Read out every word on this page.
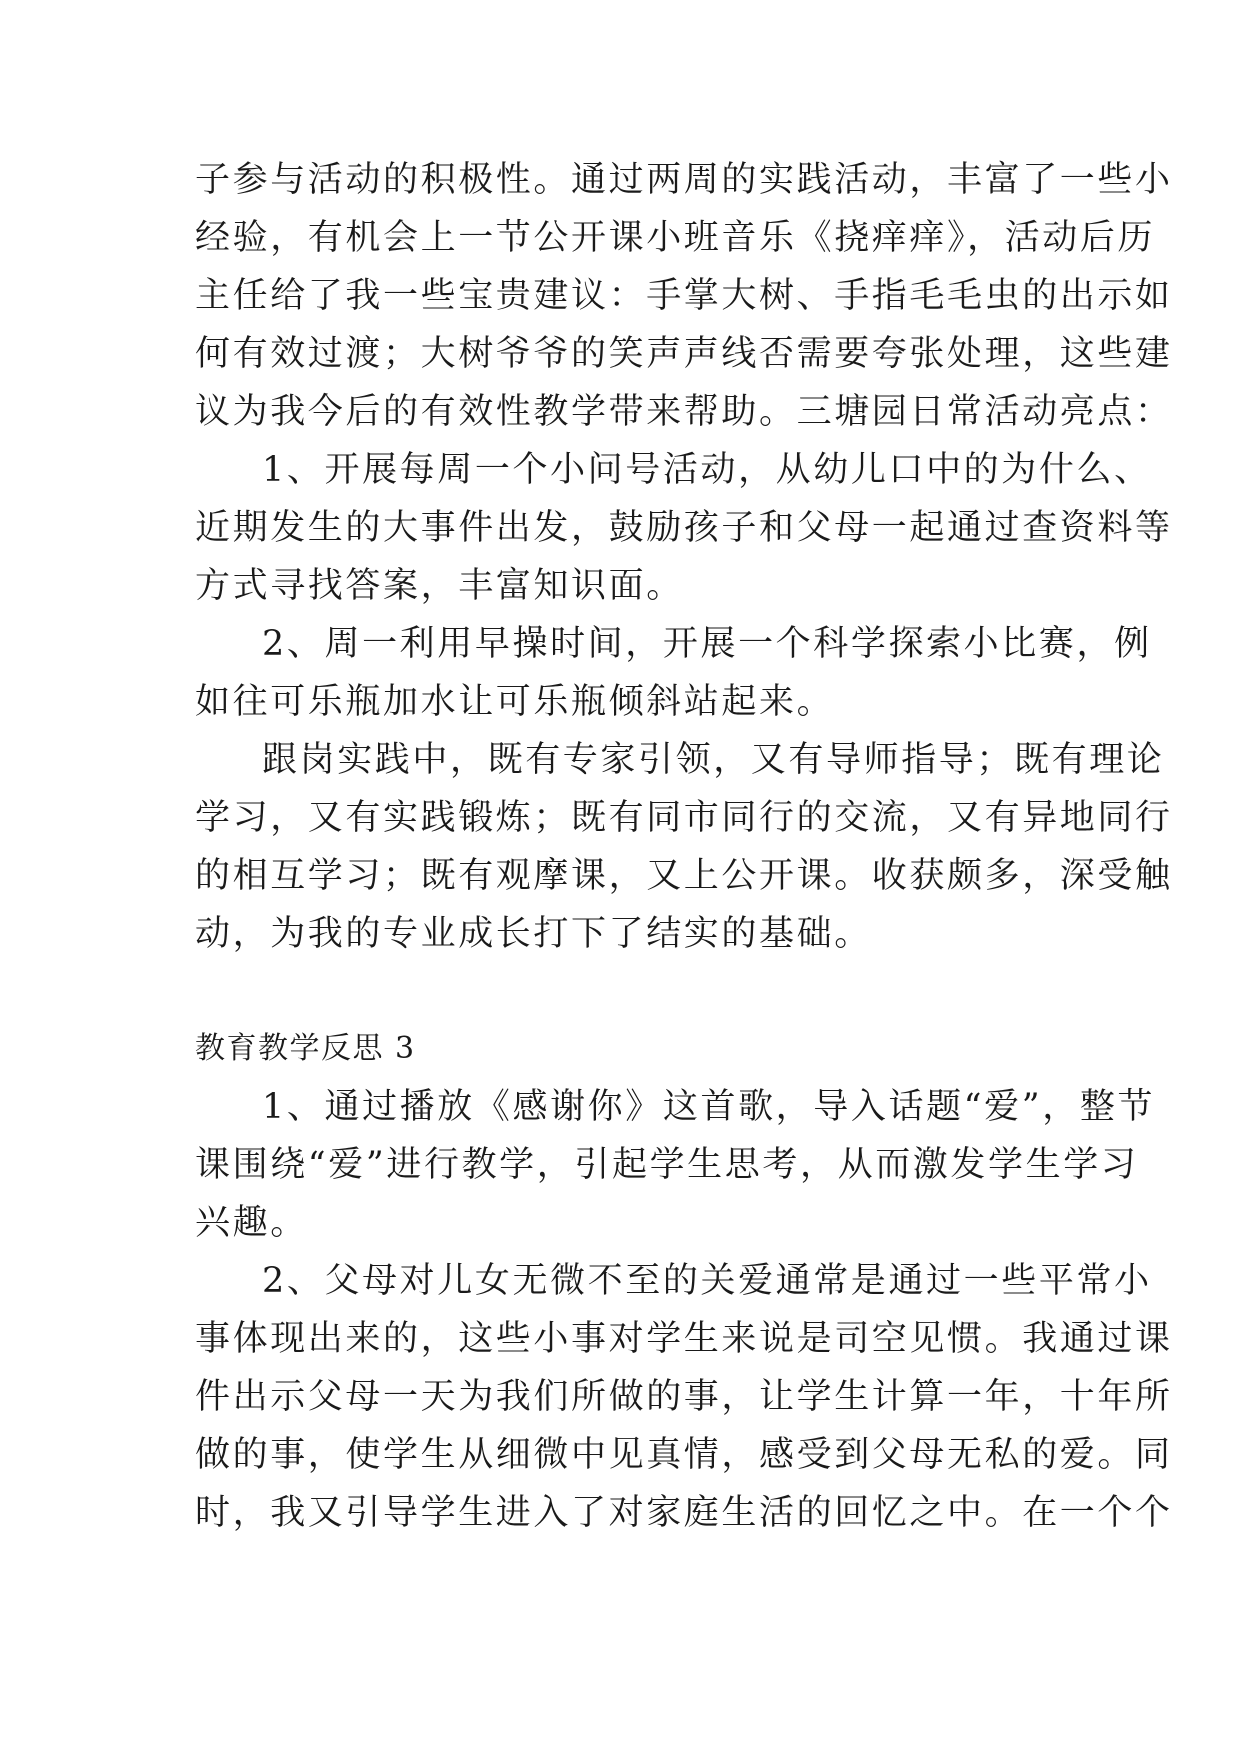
子参与活动的积极性。通过两周的实践活动，丰富了一些小
经验，有机会上一节公开课小班音乐《挠痒痒》，活动后历
主任给了我一些宝贵建议：手掌大树、手指毛毛虫的出示如
何有效过渡；大树爷爷的笑声声线否需要夸张处理，这些建
议为我今后的有效性教学带来帮助。三塘园日常活动亮点：
1、开展每周一个小问号活动，从幼儿口中的为什么、
近期发生的大事件出发，鼓励孩子和父母一起通过查资料等
方式寻找答案，丰富知识面。
2、周一利用早操时间，开展一个科学探索小比赛，例
如往可乐瓶加水让可乐瓶倾斜站起来。
跟岗实践中，既有专家引领，又有导师指导；既有理论
学习，又有实践锻炼；既有同市同行的交流，又有异地同行
的相互学习；既有观摩课，又上公开课。收获颇多，深受触
动，为我的专业成长打下了结实的基础。
教育教学反思 3
1、通过播放《感谢你》这首歌，导入话题“爱”，整节
课围绕“爱”进行教学，引起学生思考，从而激发学生学习
兴趣。
2、父母对儿女无微不至的关爱通常是通过一些平常小
事体现出来的，这些小事对学生来说是司空见惯。我通过课
件出示父母一天为我们所做的事，让学生计算一年，十年所
做的事，使学生从细微中见真情，感受到父母无私的爱。同
时，我又引导学生进入了对家庭生活的回忆之中。在一个个
